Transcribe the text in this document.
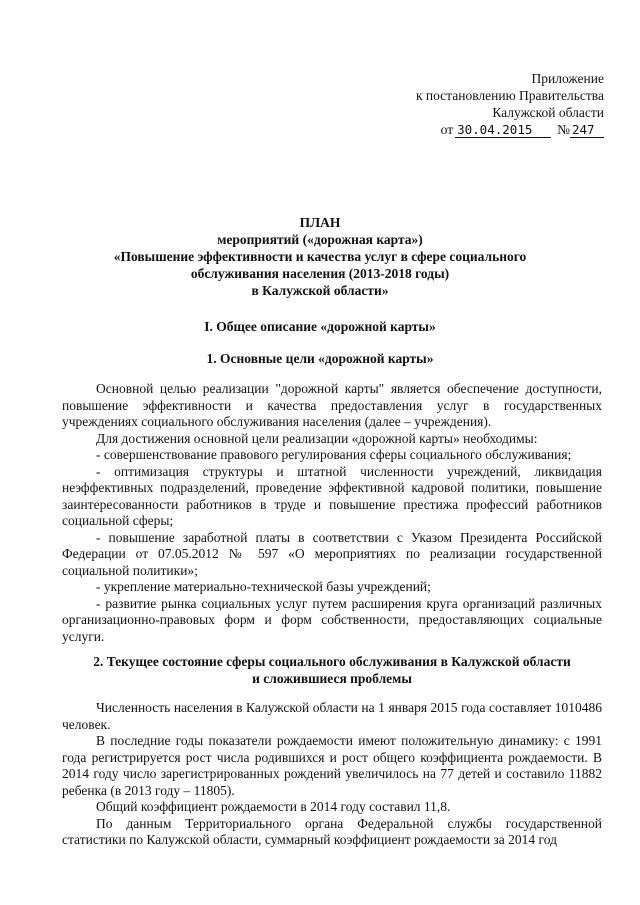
Приложение
к постановлению Правительства
Калужской области
от 30.04.2015 № 247
ПЛАН
мероприятий («дорожная карта»)
«Повышение эффективности и качества услуг в сфере социального
обслуживания населения (2013-2018 годы)
в Калужской области»
I. Общее описание «дорожной карты»
1. Основные цели «дорожной карты»

Основной целью реализации "дорожной карты" является обеспечение доступности, повышение эффективности и качества предоставления услуг в государственных учреждениях социального обслуживания населения (далее – учреждения).

Для достижения основной цели реализации «дорожной карты» необходимы:

- совершенствование правового регулирования сферы социального обслуживания;

- оптимизация структуры и штатной численности учреждений, ликвидация неэффективных подразделений, проведение эффективной кадровой политики, повышение заинтересованности работников в труде и повышение престижа профессий работников социальной сферы;

- повышение заработной платы в соответствии с Указом Президента Российской Федерации от 07.05.2012 № 597 «О мероприятиях по реализации государственной социальной политики»;

- укрепление материально-технической базы учреждений;

- развитие рынка социальных услуг путем расширения круга организаций различных организационно-правовых форм и форм собственности, предоставляющих социальные услуги.

2. Текущее состояние сферы социального обслуживания в Калужской области
и сложившиеся проблемы

Численность населения в Калужской области на 1 января 2015 года составляет 1010486 человек.

В последние годы показатели рождаемости имеют положительную динамику: с 1991 года регистрируется рост числа родившихся и рост общего коэффициента рождаемости. В 2014 году число зарегистрированных рождений увеличилось на 77 детей и составило 11882 ребенка (в 2013 году – 11805).

Общий коэффициент рождаемости в 2014 году составил 11,8.

По данным Территориального органа Федеральной службы государственной статистики по Калужской области, суммарный коэффициент рождаемости за 2014 год
